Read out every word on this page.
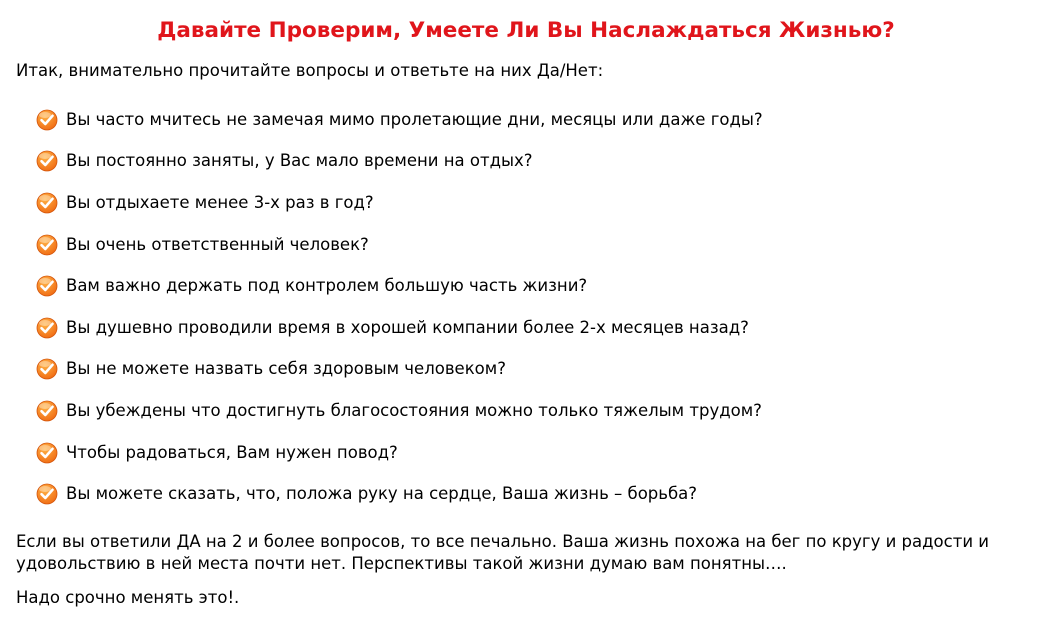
Давайте Проверим, Умеете Ли Вы Наслаждаться Жизнью?

Итак, внимательно прочитайте вопросы и ответьте на них Да/Нет:

Вы часто мчитесь не замечая мимо пролетающие дни, месяцы или даже годы?
Вы постоянно заняты, у Вас мало времени на отдых?
Вы отдыхаете менее 3-х раз в год?
Вы очень ответственный человек?
Вам важно держать под контролем большую часть жизни?
Вы душевно проводили время в хорошей компании более 2-х месяцев назад?
Вы не можете назвать себя здоровым человеком?
Вы убеждены что достигнуть благосостояния можно только тяжелым трудом?
Чтобы радоваться, Вам нужен повод?
Вы можете сказать, что, положа руку на сердце, Ваша жизнь – борьба?

Если вы ответили ДА на 2 и более вопросов, то все печально. Ваша жизнь похожа на бег по кругу и радости и удовольствию в ней места почти нет. Перспективы такой жизни думаю вам понятны….

Надо срочно менять это!.
